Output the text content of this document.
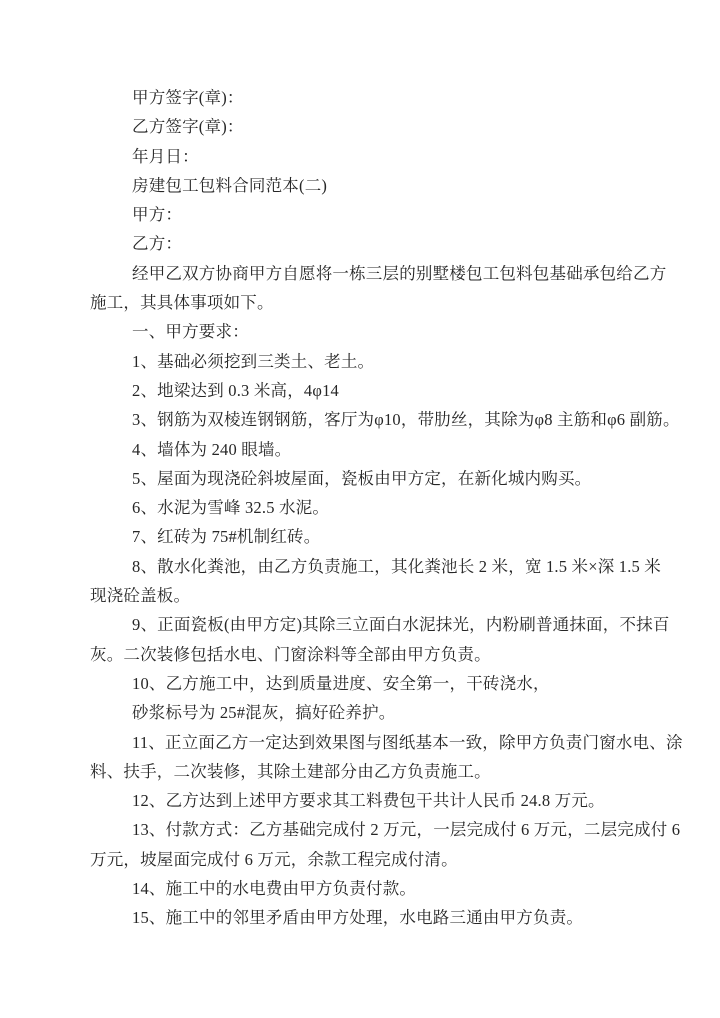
甲方签字(章)：
乙方签字(章)：
年月日：
房建包工包料合同范本(二)
甲方：
乙方：
经甲乙双方协商甲方自愿将一栋三层的别墅楼包工包料包基础承包给乙方
施工，其具体事项如下。
一、甲方要求：
1、基础必须挖到三类土、老土。
2、地梁达到 0.3 米高，4φ14
3、钢筋为双棱连钢钢筋，客厅为φ10，带肋丝，其除为φ8 主筋和φ6 副筋。
4、墙体为 240 眼墙。
5、屋面为现浇砼斜坡屋面，瓷板由甲方定，在新化城内购买。
6、水泥为雪峰 32.5 水泥。
7、红砖为 75#机制红砖。
8、散水化粪池，由乙方负责施工，其化粪池长 2 米，宽 1.5 米×深 1.5 米
现浇砼盖板。
9、正面瓷板(由甲方定)其除三立面白水泥抹光，内粉刷普通抹面，不抹百
灰。二次装修包括水电、门窗涂料等全部由甲方负责。
10、乙方施工中，达到质量进度、安全第一，干砖浇水，
砂浆标号为 25#混灰，搞好砼养护。
11、正立面乙方一定达到效果图与图纸基本一致，除甲方负责门窗水电、涂
料、扶手，二次装修，其除土建部分由乙方负责施工。
12、乙方达到上述甲方要求其工料费包干共计人民币 24.8 万元。
13、付款方式：乙方基础完成付 2 万元，一层完成付 6 万元，二层完成付 6
万元，坡屋面完成付 6 万元，余款工程完成付清。
14、施工中的水电费由甲方负责付款。
15、施工中的邻里矛盾由甲方处理，水电路三通由甲方负责。
